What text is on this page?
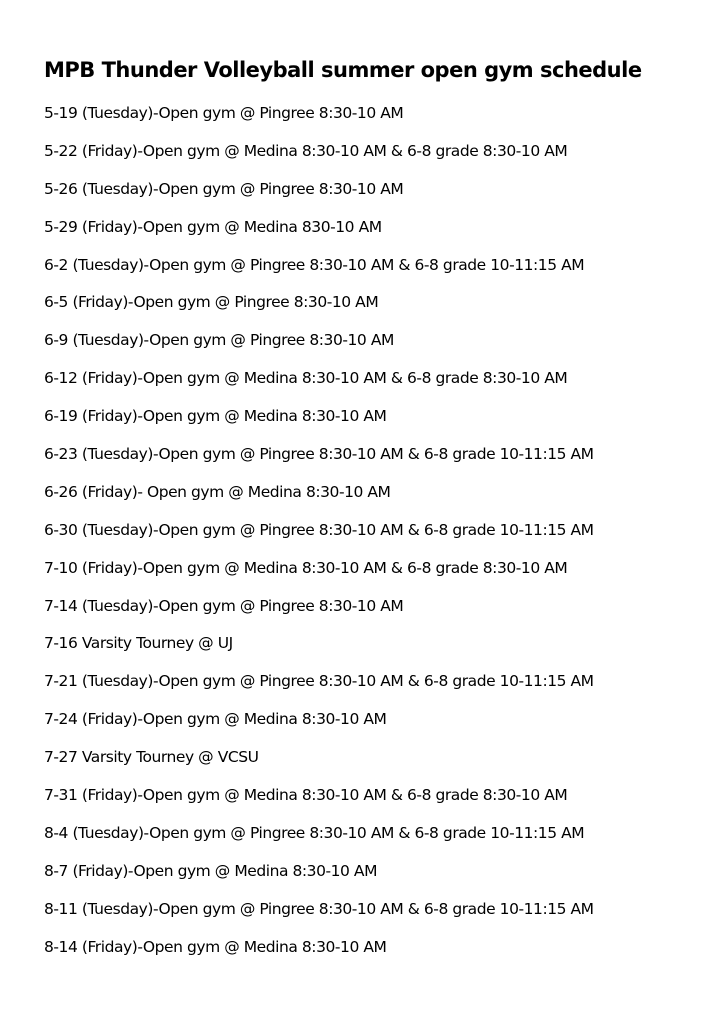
MPB Thunder Volleyball summer open gym schedule
5-19 (Tuesday)-Open gym @ Pingree 8:30-10 AM
5-22 (Friday)-Open gym @ Medina 8:30-10 AM & 6-8 grade 8:30-10 AM
5-26 (Tuesday)-Open gym @ Pingree 8:30-10 AM
5-29 (Friday)-Open gym @ Medina 830-10 AM
6-2 (Tuesday)-Open gym @ Pingree 8:30-10 AM & 6-8 grade 10-11:15 AM
6-5 (Friday)-Open gym @ Pingree 8:30-10 AM
6-9 (Tuesday)-Open gym @ Pingree 8:30-10 AM
6-12 (Friday)-Open gym @ Medina 8:30-10 AM & 6-8 grade 8:30-10 AM
6-19 (Friday)-Open gym @ Medina 8:30-10 AM
6-23 (Tuesday)-Open gym @ Pingree 8:30-10 AM & 6-8 grade 10-11:15 AM
6-26 (Friday)- Open gym @ Medina 8:30-10 AM
6-30 (Tuesday)-Open gym @ Pingree 8:30-10 AM & 6-8 grade 10-11:15 AM
7-10 (Friday)-Open gym @ Medina 8:30-10 AM & 6-8 grade 8:30-10 AM
7-14 (Tuesday)-Open gym @ Pingree 8:30-10 AM
7-16 Varsity Tourney @ UJ
7-21 (Tuesday)-Open gym @ Pingree 8:30-10 AM & 6-8 grade 10-11:15 AM
7-24 (Friday)-Open gym @ Medina 8:30-10 AM
7-27 Varsity Tourney @ VCSU
7-31 (Friday)-Open gym @ Medina 8:30-10 AM & 6-8 grade 8:30-10 AM
8-4 (Tuesday)-Open gym @ Pingree 8:30-10 AM & 6-8 grade 10-11:15 AM
8-7 (Friday)-Open gym @ Medina 8:30-10 AM
8-11 (Tuesday)-Open gym @ Pingree 8:30-10 AM & 6-8 grade 10-11:15 AM
8-14 (Friday)-Open gym @ Medina 8:30-10 AM
